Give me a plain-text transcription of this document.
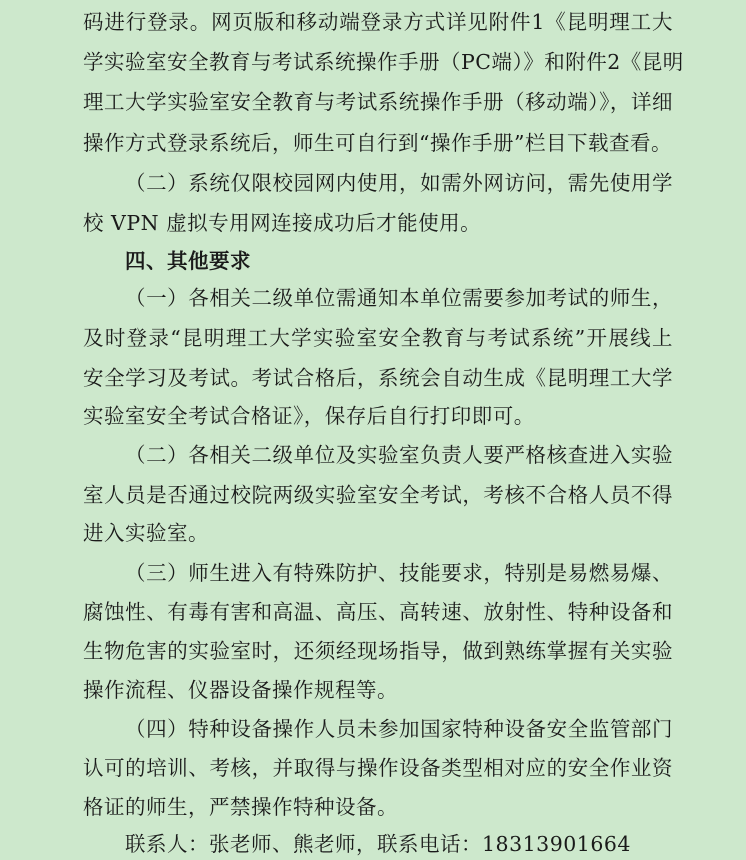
码进行登录。网页版和移动端登录方式详见附件1《昆明理工大
学实验室安全教育与考试系统操作手册（PC端）》和附件2《昆明
理工大学实验室安全教育与考试系统操作手册（移动端）》，详细
操作方式登录系统后，师生可自行到“操作手册”栏目下载查看。
（二）系统仅限校园网内使用，如需外网访问，需先使用学
校 VPN 虚拟专用网连接成功后才能使用。
四、其他要求
（一）各相关二级单位需通知本单位需要参加考试的师生，
及时登录“昆明理工大学实验室安全教育与考试系统”开展线上
安全学习及考试。考试合格后，系统会自动生成《昆明理工大学
实验室安全考试合格证》，保存后自行打印即可。
（二）各相关二级单位及实验室负责人要严格核查进入实验
室人员是否通过校院两级实验室安全考试，考核不合格人员不得
进入实验室。
（三）师生进入有特殊防护、技能要求，特别是易燃易爆、
腐蚀性、有毒有害和高温、高压、高转速、放射性、特种设备和
生物危害的实验室时，还须经现场指导，做到熟练掌握有关实验
操作流程、仪器设备操作规程等。
（四）特种设备操作人员未参加国家特种设备安全监管部门
认可的培训、考核，并取得与操作设备类型相对应的安全作业资
格证的师生，严禁操作特种设备。
联系人：张老师、熊老师，联系电话：18313901664
